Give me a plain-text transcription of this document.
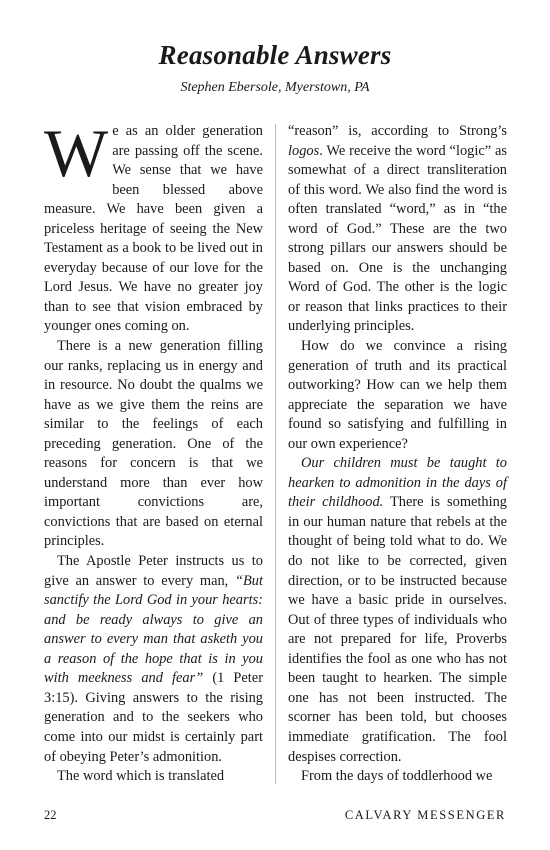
Reasonable Answers
Stephen Ebersole, Myerstown, PA

We as an older generation are passing off the scene. We sense that we have been blessed above measure. We have been given a priceless heritage of seeing the New Testament as a book to be lived out in everyday because of our love for the Lord Jesus. We have no greater joy than to see that vision embraced by younger ones coming on.

There is a new generation filling our ranks, replacing us in energy and in resource. No doubt the qualms we have as we give them the reins are similar to the feelings of each preceding generation. One of the reasons for concern is that we understand more than ever how important convictions are, convictions that are based on eternal principles.

The Apostle Peter instructs us to give an answer to every man, “But sanctify the Lord God in your hearts: and be ready always to give an answer to every man that asketh you a reason of the hope that is in you with meekness and fear” (1 Peter 3:15). Giving answers to the rising generation and to the seekers who come into our midst is certainly part of obeying Peter’s admonition.

The word which is translated

“reason” is, according to Strong’s logos. We receive the word “logic” as somewhat of a direct transliteration of this word. We also find the word is often translated “word,” as in “the word of God.” These are the two strong pillars our answers should be based on. One is the unchanging Word of God. The other is the logic or reason that links practices to their underlying principles.

How do we convince a rising generation of truth and its practical outworking? How can we help them appreciate the separation we have found so satisfying and fulfilling in our own experience?

Our children must be taught to hearken to admonition in the days of their childhood. There is something in our human nature that rebels at the thought of being told what to do. We do not like to be corrected, given direction, or to be instructed because we have a basic pride in ourselves. Out of three types of individuals who are not prepared for life, Proverbs identifies the fool as one who has not been taught to hearken. The simple one has not been instructed. The scorner has been told, but chooses immediate gratification. The fool despises correction.

From the days of toddlerhood we

22	CALVARY MESSENGER
